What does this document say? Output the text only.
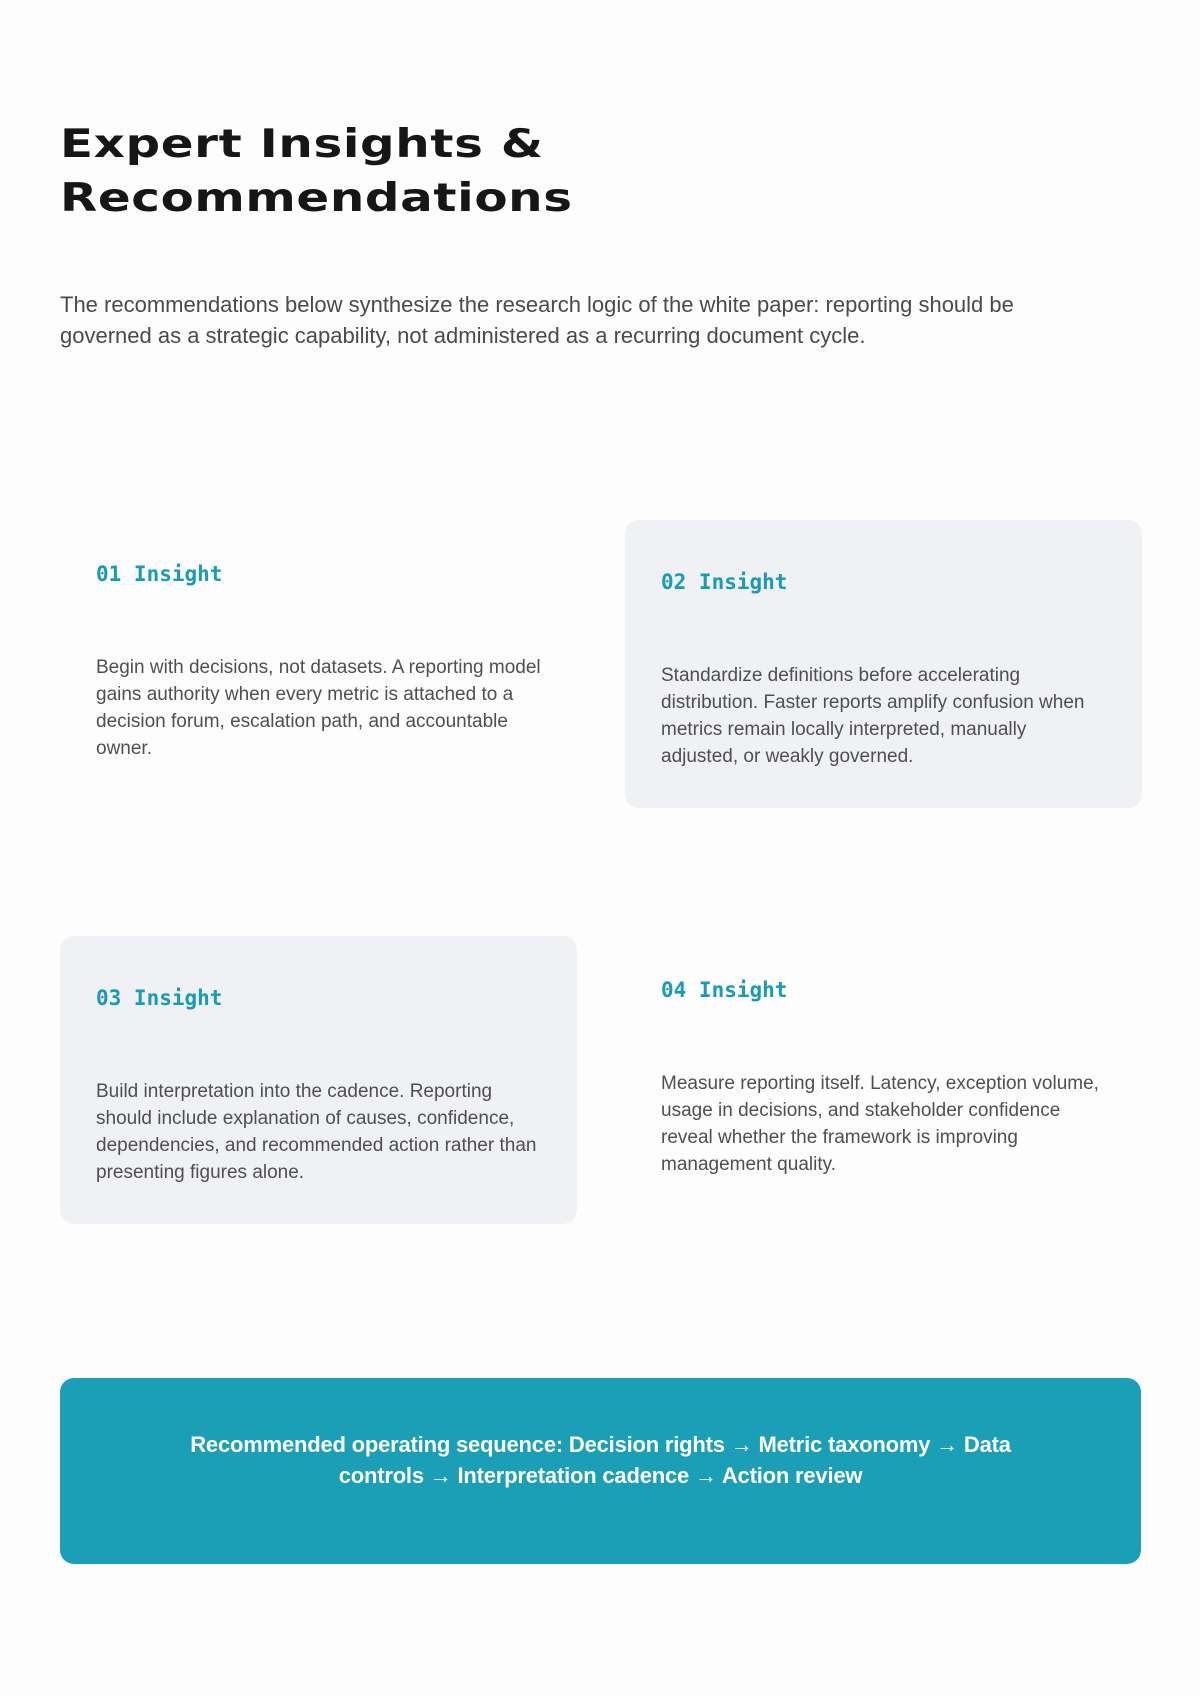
Expert Insights &
Recommendations

The recommendations below synthesize the research logic of the white paper: reporting should be governed as a strategic capability, not administered as a recurring document cycle.

01 Insight

Begin with decisions, not datasets. A reporting model gains authority when every metric is attached to a decision forum, escalation path, and accountable owner.

02 Insight

Standardize definitions before accelerating distribution. Faster reports amplify confusion when metrics remain locally interpreted, manually adjusted, or weakly governed.

03 Insight

Build interpretation into the cadence. Reporting should include explanation of causes, confidence, dependencies, and recommended action rather than presenting figures alone.

04 Insight

Measure reporting itself. Latency, exception volume, usage in decisions, and stakeholder confidence reveal whether the framework is improving management quality.

Recommended operating sequence: Decision rights → Metric taxonomy → Data controls → Interpretation cadence → Action review
